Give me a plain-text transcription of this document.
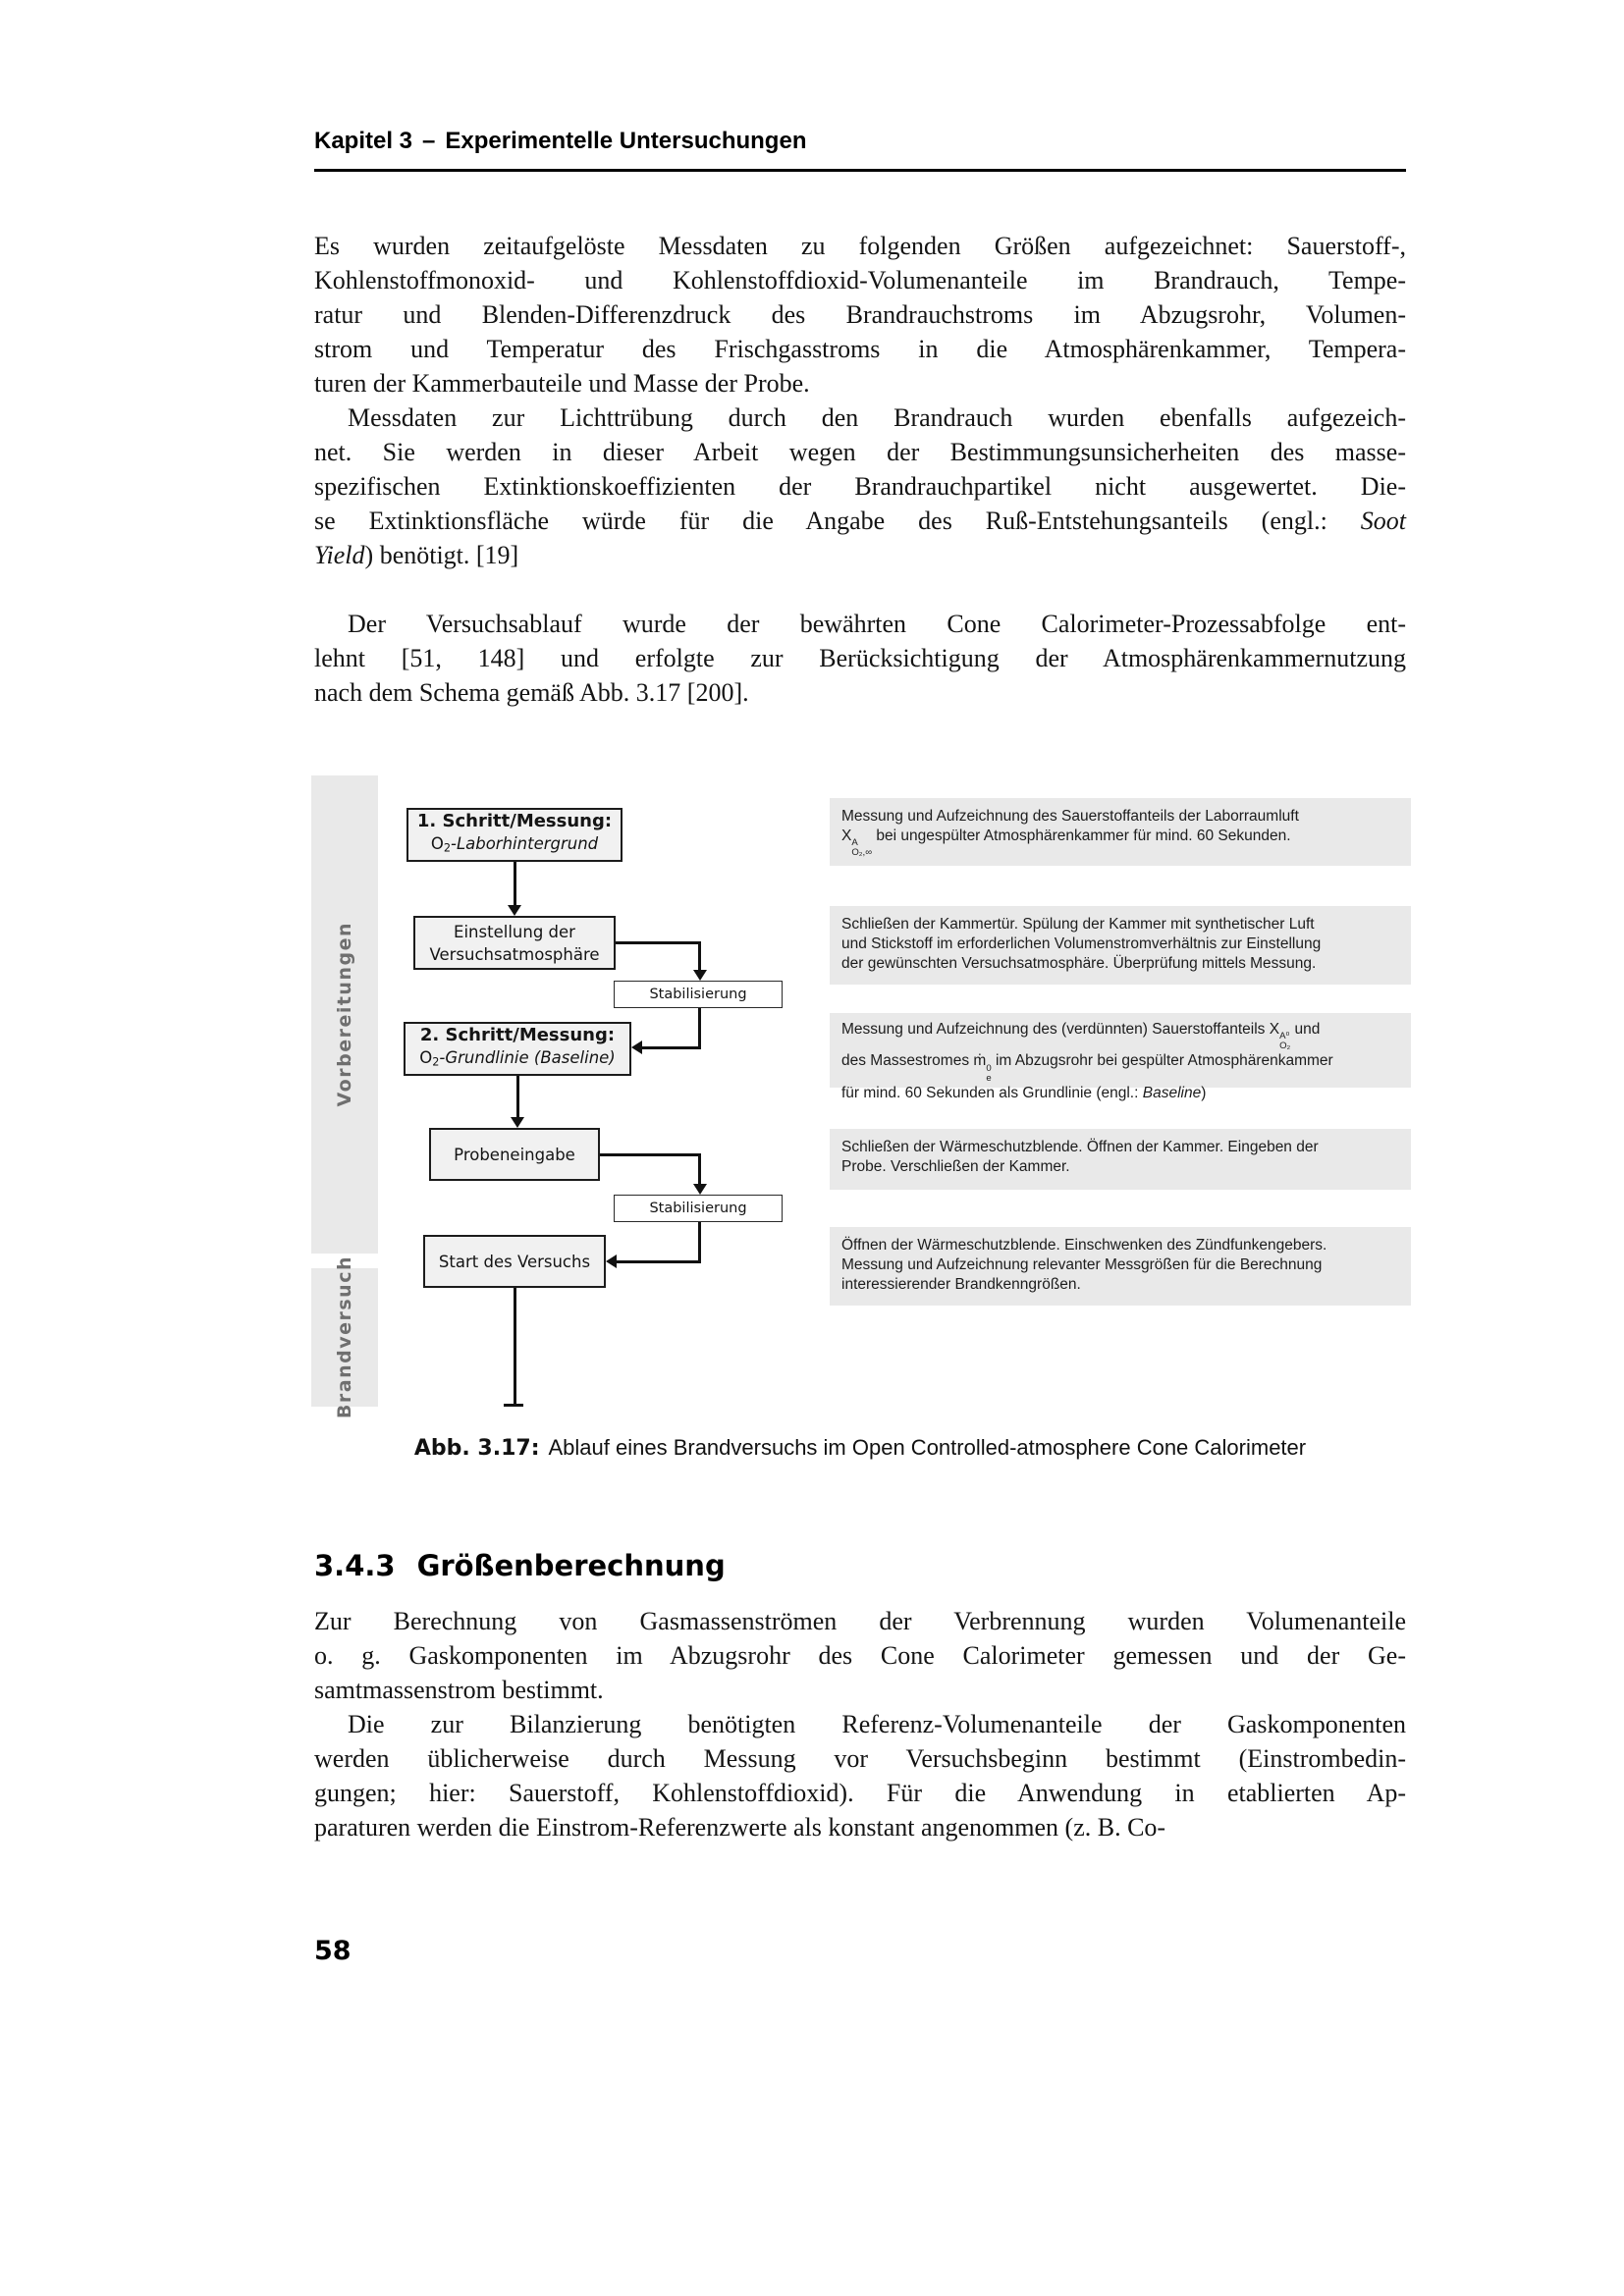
Kapitel 3 – Experimentelle Untersuchungen
Es wurden zeitaufgelöste Messdaten zu folgenden Größen aufgezeichnet: Sauerstoff-,
Kohlenstoffmonoxid- und Kohlenstoffdioxid-Volumenanteile im Brandrauch, Tempe-
ratur und Blenden-Differenzdruck des Brandrauchstroms im Abzugsrohr, Volumen-
strom und Temperatur des Frischgasstroms in die Atmosphärenkammer, Tempera-
turen der Kammerbauteile und Masse der Probe.
Messdaten zur Lichttrübung durch den Brandrauch wurden ebenfalls aufgezeich-
net. Sie werden in dieser Arbeit wegen der Bestimmungsunsicherheiten des masse-
spezifischen Extinktionskoeffizienten der Brandrauchpartikel nicht ausgewertet. Die-
se Extinktionsfläche würde für die Angabe des Ruß-Entstehungsanteils (engl.: Soot
Yield) benötigt. [19]
Der Versuchsablauf wurde der bewährten Cone Calorimeter-Prozessabfolge ent-
lehnt [51, 148] und erfolgte zur Berücksichtigung der Atmosphärenkammernutzung
nach dem Schema gemäß Abb. 3.17 [200].
Vorbereitungen
Brandversuch
1. Schritt/Messung:
O2-Laborhintergrund
Einstellung der
Versuchsatmosphäre
Stabilisierung
2. Schritt/Messung:
O2-Grundlinie (Baseline)
Probeneingabe
Stabilisierung
Start des Versuchs
Messung und Aufzeichnung des Sauerstoffanteils der Laborraumluft
X A
O₂,∞
bei ungespülter Atmosphärenkammer für mind. 60 Sekunden.
Schließen der Kammertür. Spülung der Kammer mit synthetischer Luft
und Stickstoff im erforderlichen Volumenstromverhältnis zur Einstellung
der gewünschten Versuchsatmosphäre. Überprüfung mittels Messung.
Messung und Aufzeichnung des (verdünnten) Sauerstoffanteils X A⁰
O₂
und
des Massestromes ṁ 0
e
im Abzugsrohr bei gespülter Atmosphärenkammer
für mind. 60 Sekunden als Grundlinie (engl.: Baseline)
Schließen der Wärmeschutzblende. Öffnen der Kammer. Eingeben der
Probe. Verschließen der Kammer.
Öffnen der Wärmeschutzblende. Einschwenken des Zündfunkengebers.
Messung und Aufzeichnung relevanter Messgrößen für die Berechnung
interessierender Brandkenngrößen.
Abb. 3.17: Ablauf eines Brandversuchs im Open Controlled-atmosphere Cone Calorimeter
3.4.3 Größenberechnung
Zur Berechnung von Gasmassenströmen der Verbrennung wurden Volumenanteile
o. g. Gaskomponenten im Abzugsrohr des Cone Calorimeter gemessen und der Ge-
samtmassenstrom bestimmt.
Die zur Bilanzierung benötigten Referenz-Volumenanteile der Gaskomponenten
werden üblicherweise durch Messung vor Versuchsbeginn bestimmt (Einstrombedin-
gungen; hier: Sauerstoff, Kohlenstoffdioxid). Für die Anwendung in etablierten Ap-
paraturen werden die Einstrom-Referenzwerte als konstant angenommen (z. B. Co-
58
